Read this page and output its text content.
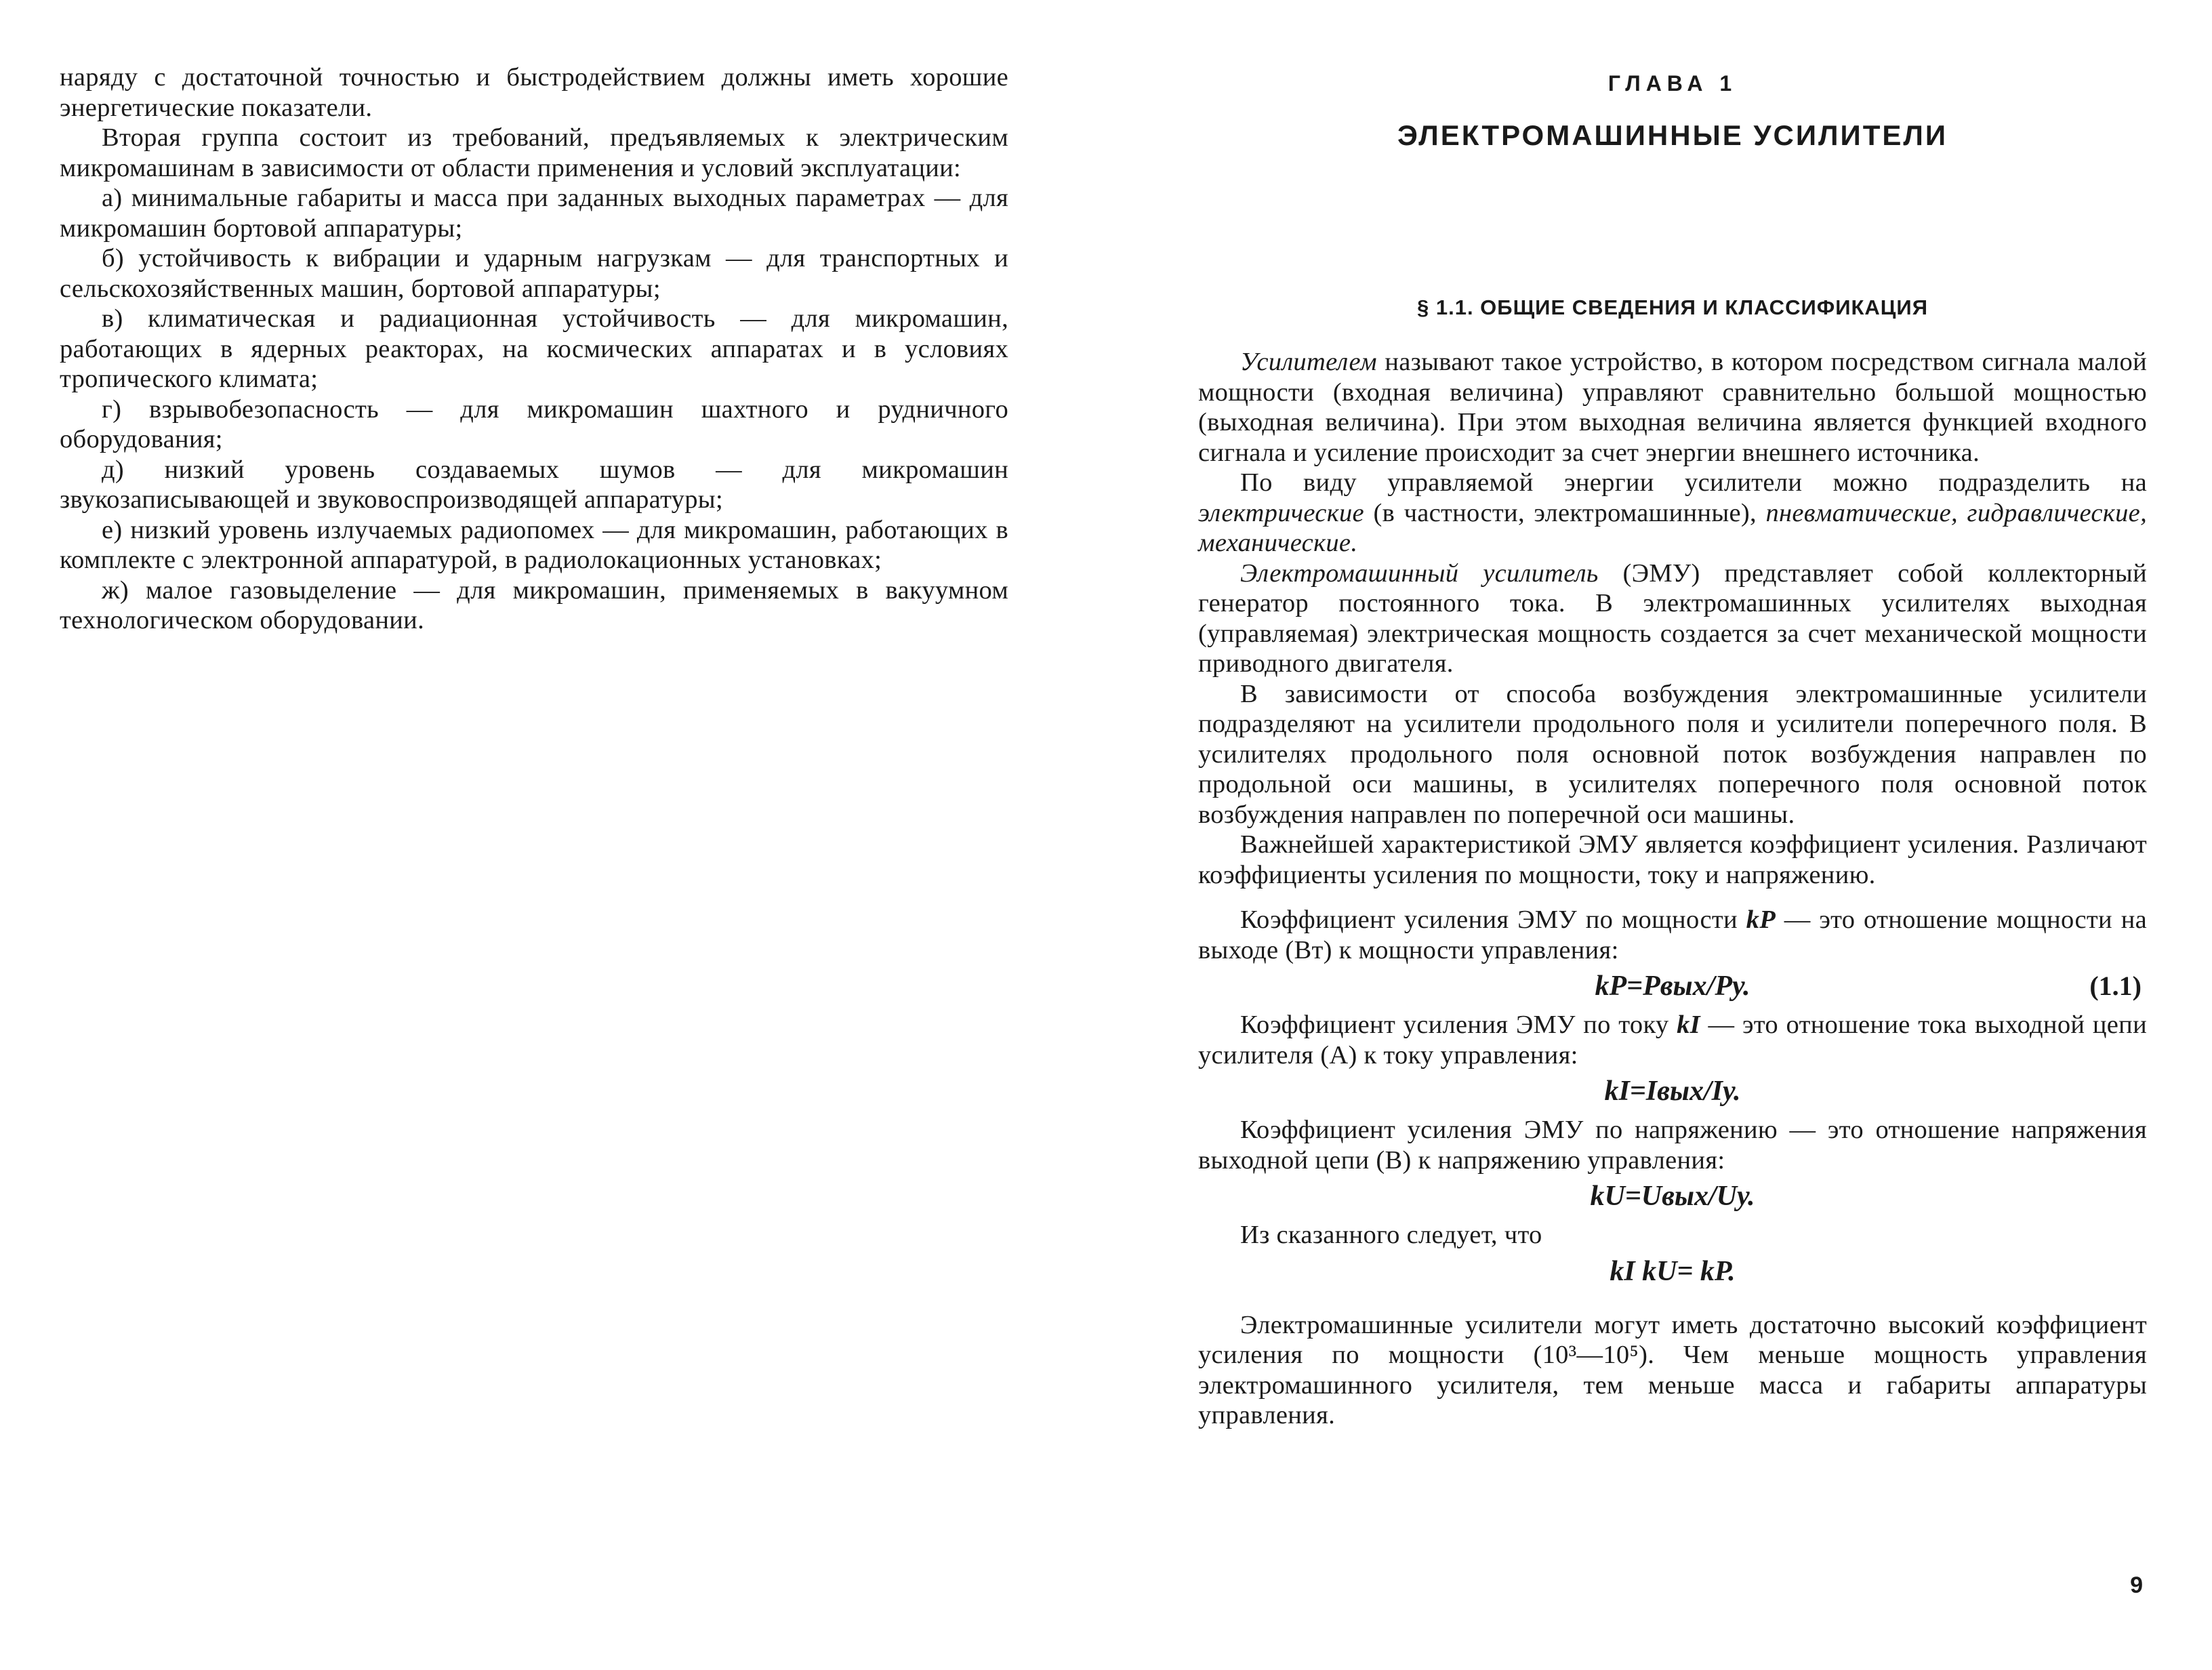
наряду с достаточной точностью и быстродействием должны иметь хорошие энергетические показатели.

Вторая группа состоит из требований, предъявляемых к электрическим микромашинам в зависимости от области применения и условий эксплуатации:

а) минимальные габариты и масса при заданных выходных параметрах — для микромашин бортовой аппаратуры;

б) устойчивость к вибрации и ударным нагрузкам — для транспортных и сельскохозяйственных машин, бортовой аппаратуры;

в) климатическая и радиационная устойчивость — для микромашин, работающих в ядерных реакторах, на космических аппаратах и в условиях тропического климата;

г) взрывобезопасность — для микромашин шахтного и рудничного оборудования;

д) низкий уровень создаваемых шумов — для микромашин звукозаписывающей и звуковоспроизводящей аппаратуры;

е) низкий уровень излучаемых радиопомех — для микромашин, работающих в комплекте с электронной аппаратурой, в радиолокационных установках;

ж) малое газовыделение — для микромашин, применяемых в вакуумном технологическом оборудовании.

ГЛАВА 1
ЭЛЕКТРОМАШИННЫЕ УСИЛИТЕЛИ
§ 1.1. ОБЩИЕ СВЕДЕНИЯ И КЛАССИФИКАЦИЯ

Усилителем называют такое устройство, в котором посредством сигнала малой мощности (входная величина) управляют сравнительно большой мощностью (выходная величина). При этом выходная величина является функцией входного сигнала и усиление происходит за счет энергии внешнего источника.

По виду управляемой энергии усилители можно подразделить на электрические (в частности, электромашинные), пневматические, гидравлические, механические.

Электромашинный усилитель (ЭМУ) представляет собой коллекторный генератор постоянного тока. В электромашинных усилителях выходная (управляемая) электрическая мощность создается за счет механической мощности приводного двигателя.

В зависимости от способа возбуждения электромашинные усилители подразделяют на усилители продольного поля и усилители поперечного поля. В усилителях продольного поля основной поток возбуждения направлен по продольной оси машины, в усилителях поперечного поля основной поток возбуждения направлен по поперечной оси машины.

Важнейшей характеристикой ЭМУ является коэффициент усиления. Различают коэффициенты усиления по мощности, току и напряжению.

Коэффициент усиления ЭМУ по мощности kP — это отношение мощности на выходе (Вт) к мощности управления:

kP=Pвых/Pу.	(1.1)

Коэффициент усиления ЭМУ по току kI — это отношение тока выходной цепи усилителя (А) к току управления:

kI=Iвых/Iу.

Коэффициент усиления ЭМУ по напряжению — это отношение напряжения выходной цепи (В) к напряжению управления:

kU=Uвых/Uу.

Из сказанного следует, что

kI kU= kP.

Электромашинные усилители могут иметь достаточно высокий коэффициент усиления по мощности (10³—10⁵). Чем меньше мощность управления электромашинного усилителя, тем меньше масса и габариты аппаратуры управления.

9
